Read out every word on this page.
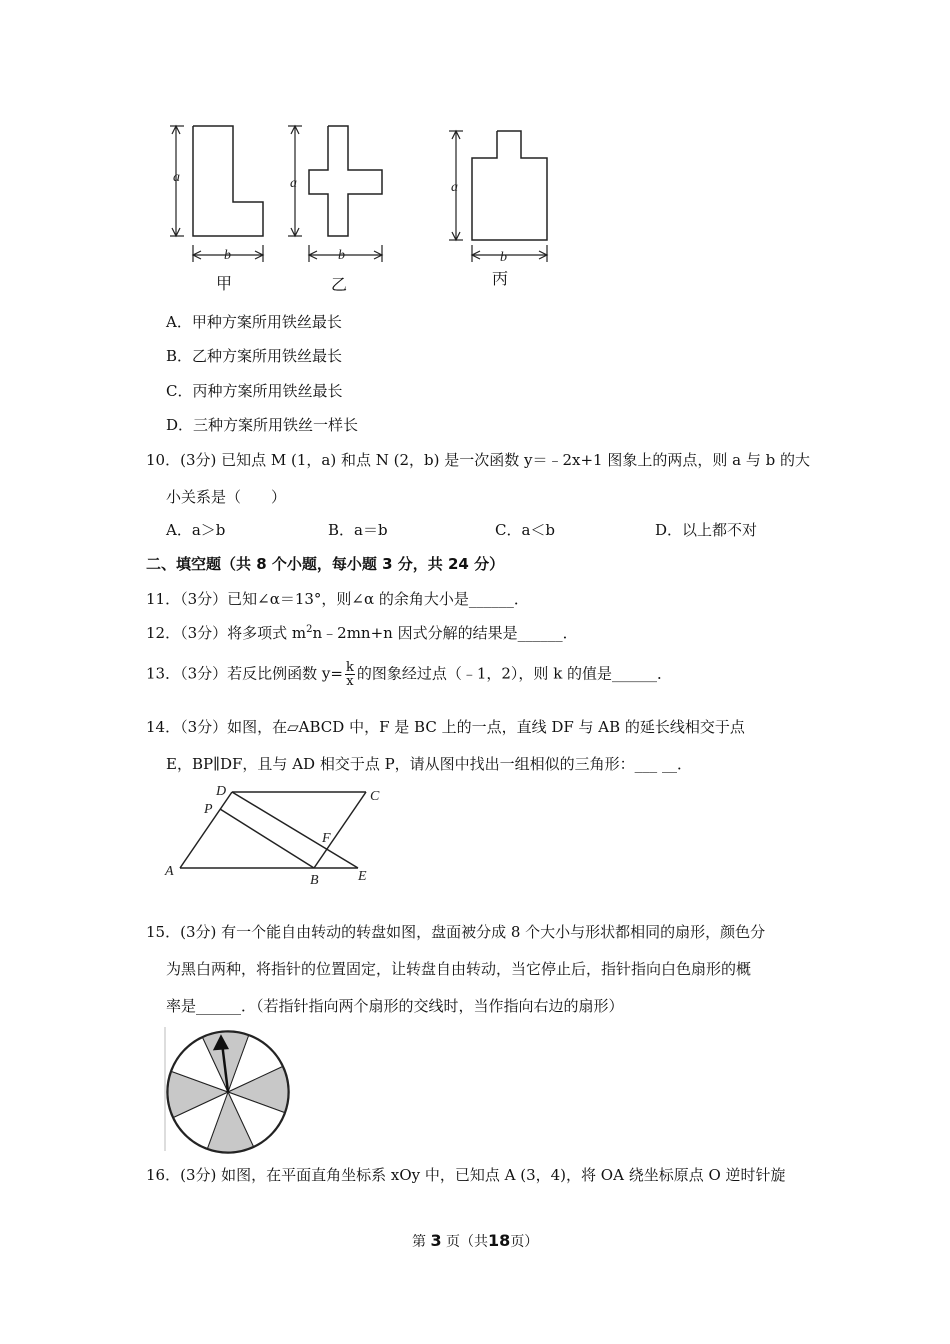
a
b
a
b
a
b
甲	乙	丙
A．甲种方案所用铁丝最长
B．乙种方案所用铁丝最长
C．丙种方案所用铁丝最长
D．三种方案所用铁丝一样长
10．(3分) 已知点 M (1，a) 和点 N (2，b) 是一次函数 y＝﹣2x+1 图象上的两点，则 a 与 b 的大
小关系是（　　）
A．a＞b	B．a＝b	C．a＜b	D．以上都不对
二、填空题（共 8 个小题，每小题 3 分，共 24 分）
11．（3分）已知∠α＝13°，则∠α 的余角大小是______．
12．（3分）将多项式 $m^2n﹣2mn+n$ 因式分解的结果是______．
13．（3分）若反比例函数 $y= \frac{k}{x}$ 的图象经过点（﹣1，2），则 k 的值是______．
14．（3分）如图，在▱ABCD 中，F 是 BC 上的一点，直线 DF 与 AB 的延长线相交于点
E，BP∥DF，且与 AD 相交于点 P，请从图中找出一组相似的三角形：___ __．
D	C
P
F
A
B	E
15．(3分) 有一个能自由转动的转盘如图，盘面被分成 8 个大小与形状都相同的扇形，颜色分
为黑白两种，将指针的位置固定，让转盘自由转动，当它停止后，指针指向白色扇形的概
率是______．（若指针指向两个扇形的交线时，当作指向右边的扇形）
16．(3分) 如图，在平面直角坐标系 xOy 中，已知点 A (3，4)，将 OA 绕坐标原点 O 逆时针旋
第 3 页（共18页）
